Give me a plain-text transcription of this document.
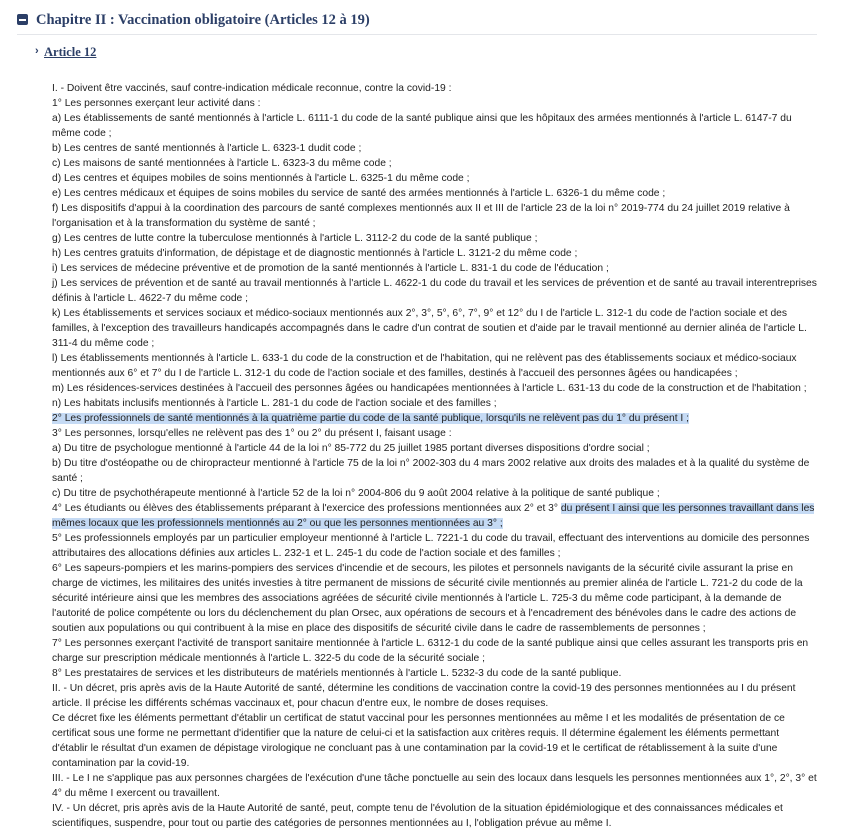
Chapitre II : Vaccination obligatoire (Articles 12 à 19)
› Article 12

I. - Doivent être vaccinés, sauf contre-indication médicale reconnue, contre la covid-19 :

1° Les personnes exerçant leur activité dans :

a) Les établissements de santé mentionnés à l'article L. 6111-1 du code de la santé publique ainsi que les hôpitaux des armées mentionnés à l'article L. 6147-7 du même code ;

b) Les centres de santé mentionnés à l'article L. 6323-1 dudit code ;

c) Les maisons de santé mentionnées à l'article L. 6323-3 du même code ;

d) Les centres et équipes mobiles de soins mentionnés à l'article L. 6325-1 du même code ;

e) Les centres médicaux et équipes de soins mobiles du service de santé des armées mentionnés à l'article L. 6326-1 du même code ;

f) Les dispositifs d'appui à la coordination des parcours de santé complexes mentionnés aux II et III de l'article 23 de la loi n° 2019-774 du 24 juillet 2019 relative à l'organisation et à la transformation du système de santé ;

g) Les centres de lutte contre la tuberculose mentionnés à l'article L. 3112-2 du code de la santé publique ;

h) Les centres gratuits d'information, de dépistage et de diagnostic mentionnés à l'article L. 3121-2 du même code ;

i) Les services de médecine préventive et de promotion de la santé mentionnés à l'article L. 831-1 du code de l'éducation ;

j) Les services de prévention et de santé au travail mentionnés à l'article L. 4622-1 du code du travail et les services de prévention et de santé au travail interentreprises définis à l'article L. 4622-7 du même code ;

k) Les établissements et services sociaux et médico-sociaux mentionnés aux 2°, 3°, 5°, 6°, 7°, 9° et 12° du I de l'article L. 312-1 du code de l'action sociale et des familles, à l'exception des travailleurs handicapés accompagnés dans le cadre d'un contrat de soutien et d'aide par le travail mentionné au dernier alinéa de l'article L. 311-4 du même code ;

l) Les établissements mentionnés à l'article L. 633-1 du code de la construction et de l'habitation, qui ne relèvent pas des établissements sociaux et médico-sociaux mentionnés aux 6° et 7° du I de l'article L. 312-1 du code de l'action sociale et des familles, destinés à l'accueil des personnes âgées ou handicapées ;

m) Les résidences-services destinées à l'accueil des personnes âgées ou handicapées mentionnées à l'article L. 631-13 du code de la construction et de l'habitation ;

n) Les habitats inclusifs mentionnés à l'article L. 281-1 du code de l'action sociale et des familles ;

2° Les professionnels de santé mentionnés à la quatrième partie du code de la santé publique, lorsqu'ils ne relèvent pas du 1° du présent I ;

3° Les personnes, lorsqu'elles ne relèvent pas des 1° ou 2° du présent I, faisant usage :

a) Du titre de psychologue mentionné à l'article 44 de la loi n° 85-772 du 25 juillet 1985 portant diverses dispositions d'ordre social ;

b) Du titre d'ostéopathe ou de chiropracteur mentionné à l'article 75 de la loi n° 2002-303 du 4 mars 2002 relative aux droits des malades et à la qualité du système de santé ;

c) Du titre de psychothérapeute mentionné à l'article 52 de la loi n° 2004-806 du 9 août 2004 relative à la politique de santé publique ;

4° Les étudiants ou élèves des établissements préparant à l'exercice des professions mentionnées aux 2° et 3° du présent I ainsi que les personnes travaillant dans les mêmes locaux que les professionnels mentionnés au 2° ou que les personnes mentionnées au 3° ;

5° Les professionnels employés par un particulier employeur mentionné à l'article L. 7221-1 du code du travail, effectuant des interventions au domicile des personnes attributaires des allocations définies aux articles L. 232-1 et L. 245-1 du code de l'action sociale et des familles ;

6° Les sapeurs-pompiers et les marins-pompiers des services d'incendie et de secours, les pilotes et personnels navigants de la sécurité civile assurant la prise en charge de victimes, les militaires des unités investies à titre permanent de missions de sécurité civile mentionnés au premier alinéa de l'article L. 721-2 du code de la sécurité intérieure ainsi que les membres des associations agréées de sécurité civile mentionnés à l'article L. 725-3 du même code participant, à la demande de l'autorité de police compétente ou lors du déclenchement du plan Orsec, aux opérations de secours et à l'encadrement des bénévoles dans le cadre des actions de soutien aux populations ou qui contribuent à la mise en place des dispositifs de sécurité civile dans le cadre de rassemblements de personnes ;

7° Les personnes exerçant l'activité de transport sanitaire mentionnée à l'article L. 6312-1 du code de la santé publique ainsi que celles assurant les transports pris en charge sur prescription médicale mentionnés à l'article L. 322-5 du code de la sécurité sociale ;

8° Les prestataires de services et les distributeurs de matériels mentionnés à l'article L. 5232-3 du code de la santé publique.

II. - Un décret, pris après avis de la Haute Autorité de santé, détermine les conditions de vaccination contre la covid-19 des personnes mentionnées au I du présent article. Il précise les différents schémas vaccinaux et, pour chacun d'entre eux, le nombre de doses requises.

Ce décret fixe les éléments permettant d'établir un certificat de statut vaccinal pour les personnes mentionnées au même I et les modalités de présentation de ce certificat sous une forme ne permettant d'identifier que la nature de celui-ci et la satisfaction aux critères requis. Il détermine également les éléments permettant d'établir le résultat d'un examen de dépistage virologique ne concluant pas à une contamination par la covid-19 et le certificat de rétablissement à la suite d'une contamination par la covid-19.

III. - Le I ne s'applique pas aux personnes chargées de l'exécution d'une tâche ponctuelle au sein des locaux dans lesquels les personnes mentionnées aux 1°, 2°, 3° et 4° du même I exercent ou travaillent.

IV. - Un décret, pris après avis de la Haute Autorité de santé, peut, compte tenu de l'évolution de la situation épidémiologique et des connaissances médicales et scientifiques, suspendre, pour tout ou partie des catégories de personnes mentionnées au I, l'obligation prévue au même I.
